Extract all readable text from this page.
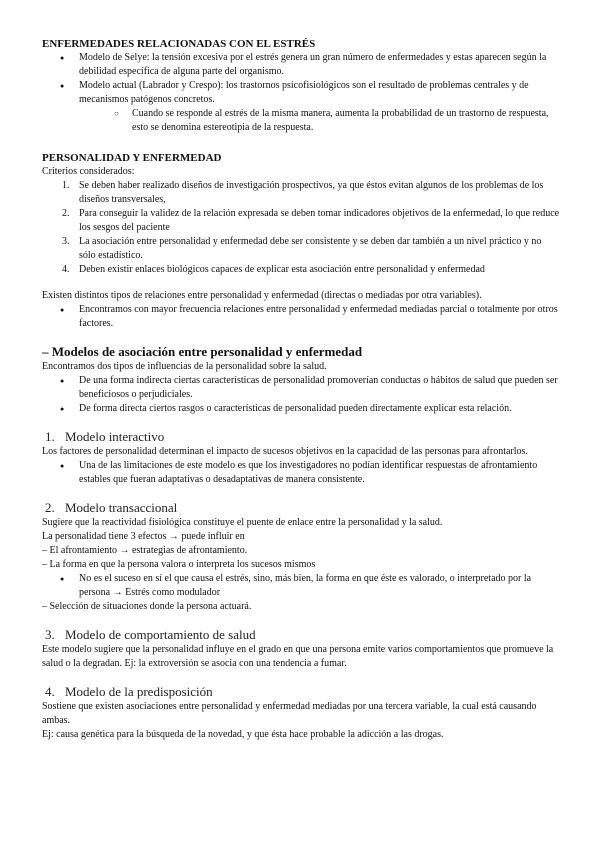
ENFERMEDADES RELACIONADAS CON EL ESTRÉS
● Modelo de Selye: la tensión excesiva por el estrés genera un gran número de enfermedades y estas aparecen según la debilidad específica de alguna parte del organismo.
● Modelo actual (Labrador y Crespo): los trastornos psicofisiológicos son el resultado de problemas centrales y de mecanismos patógenos concretos.
○ Cuando se responde al estrés de la misma manera, aumenta la probabilidad de un trastorno de respuesta, esto se denomina estereotipia de la respuesta.
PERSONALIDAD Y ENFERMEDAD

Criterios considerados:

1. Se deben haber realizado diseños de investigación prospectivos, ya que éstos evitan algunos de los problemas de los diseños transversales,
2. Para conseguir la validez de la relación expresada se deben tomar indicadores objetivos de la enfermedad, lo que reduce los sesgos del paciente
3. La asociación entre personalidad y enfermedad debe ser consistente y se deben dar también a un nivel práctico y no sólo estadístico.
4. Deben existir enlaces biológicos capaces de explicar esta asociación entre personalidad y enfermedad

Existen distintos tipos de relaciones entre personalidad y enfermedad (directas o mediadas por otra variables).

● Encontramos con mayor frecuencia relaciones entre personalidad y enfermedad mediadas parcial o totalmente por otros factores.
– Modelos de asociación entre personalidad y enfermedad

Encontramos dos tipos de influencias de la personalidad sobre la salud.

● De una forma indirecta ciertas características de personalidad promoverían conductas o hábitos de salud que pueden ser beneficiosos o perjudiciales.
● De forma directa ciertos rasgos o características de personalidad pueden directamente explicar esta relación.
1. Modelo interactivo

Los factores de personalidad determinan el impacto de sucesos objetivos en la capacidad de las personas para afrontarlos.

● Una de las limitaciones de este modelo es que los investigadores no podían identificar respuestas de afrontamiento estables que fueran adaptativas o desadaptativas de manera consistente.
2. Modelo transaccional

Sugiere que la reactividad fisiológica constituye el puente de enlace entre la personalidad y la salud.

La personalidad tiene 3 efectos → puede influir en

– El afrontamiento → estrategias de afrontamiento.

– La forma en que la persona valora o interpreta los sucesos mismos

● No es el suceso en sí el que causa el estrés, sino, más bien, la forma en que éste es valorado, o interpretado por la persona → Estrés como modulador

– Selección de situaciones donde la persona actuará.

3. Modelo de comportamiento de salud

Este modelo sugiere que la personalidad influye en el grado en que una persona emite varios comportamientos que promueve la salud o la degradan. Ej: la extroversión se asocia con una tendencia a fumar.

4. Modelo de la predisposición

Sostiene que existen asociaciones entre personalidad y enfermedad mediadas por una tercera variable, la cual está causando ambas.

Ej: causa genética para la búsqueda de la novedad, y que ésta hace probable la adicción a las drogas.
